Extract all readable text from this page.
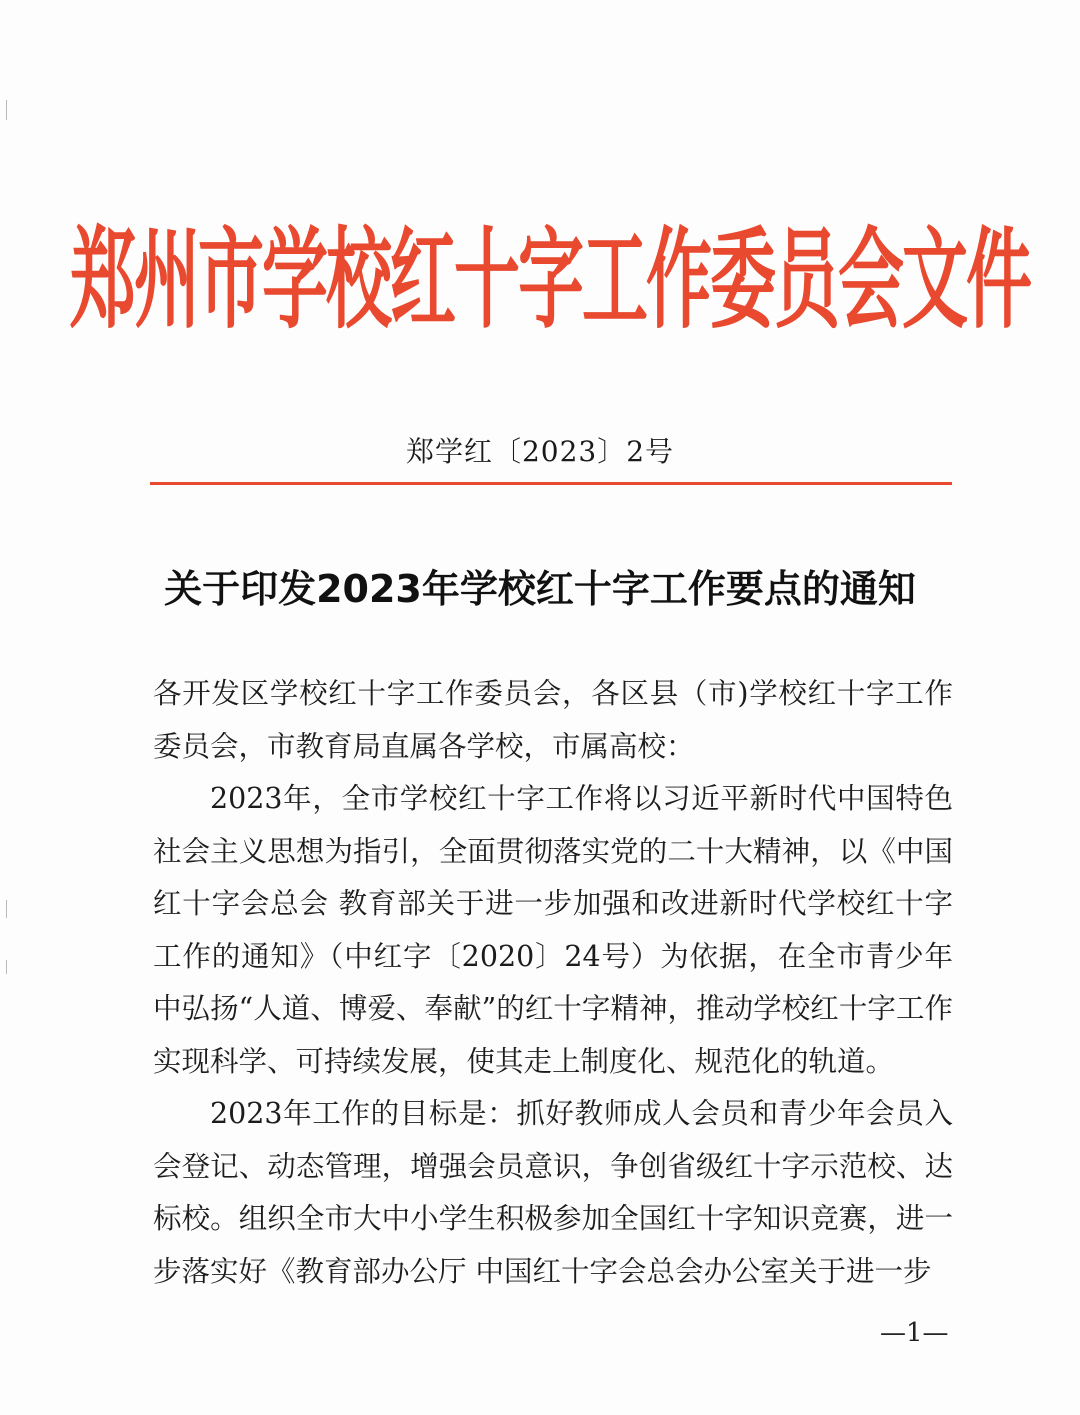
郑州市学校红十字工作委员会文件
郑学红〔2023〕2号
关于印发2023年学校红十字工作要点的通知

各开发区学校红十字工作委员会，各区县（市)学校红十字工作委员会，市教育局直属各学校，市属高校：

2023年，全市学校红十字工作将以习近平新时代中国特色社会主义思想为指引，全面贯彻落实党的二十大精神，以《中国红十字会总会 教育部关于进一步加强和改进新时代学校红十字工作的通知》（中红字〔2020〕24号）为依据，在全市青少年中弘扬“人道、博爱、奉献”的红十字精神，推动学校红十字工作实现科学、可持续发展，使其走上制度化、规范化的轨道。

2023年工作的目标是：抓好教师成人会员和青少年会员入会登记、动态管理，增强会员意识，争创省级红十字示范校、达标校。组织全市大中小学生积极参加全国红十字知识竞赛，进一步落实好《教育部办公厅 中国红十字会总会办公室关于进一步

—1—
